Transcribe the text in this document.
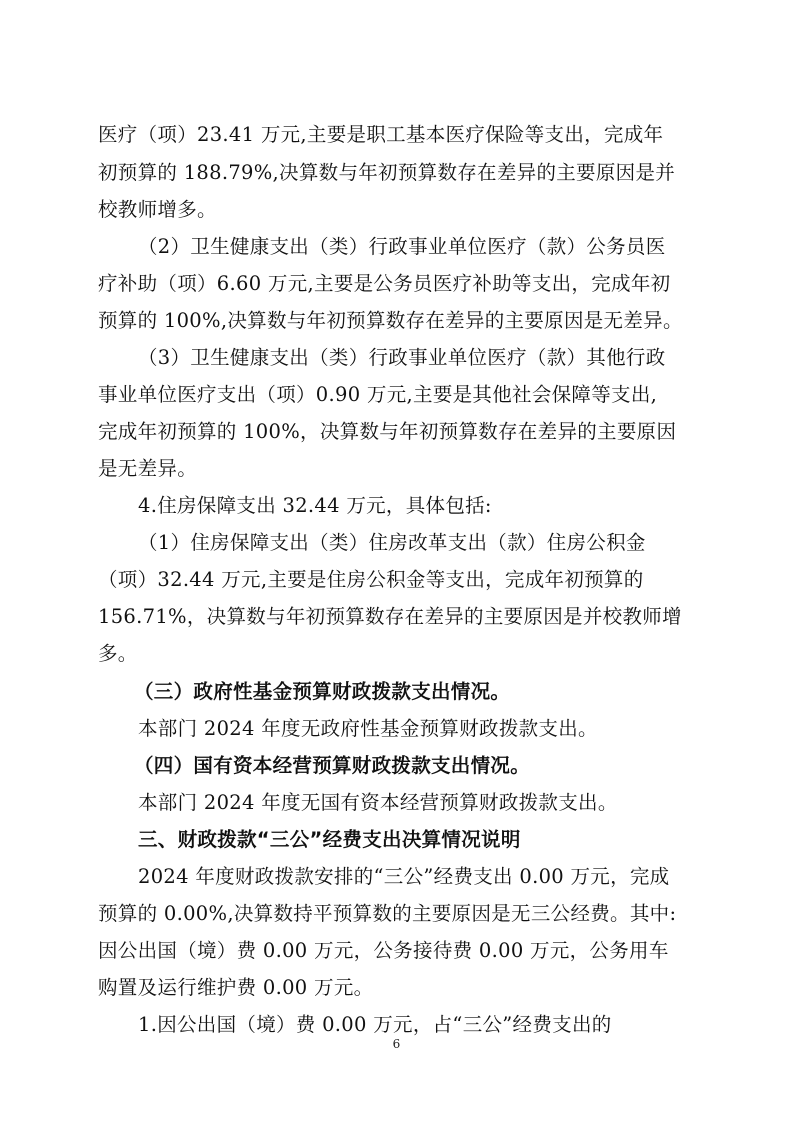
医疗（项）23.41 万元,主要是职工基本医疗保险等支出，完成年
初预算的 188.79%,决算数与年初预算数存在差异的主要原因是并
校教师增多。
（2）卫生健康支出（类）行政事业单位医疗（款）公务员医
疗补助（项）6.60 万元,主要是公务员医疗补助等支出，完成年初
预算的 100%,决算数与年初预算数存在差异的主要原因是无差异。
（3）卫生健康支出（类）行政事业单位医疗（款）其他行政
事业单位医疗支出（项）0.90 万元,主要是其他社会保障等支出,
完成年初预算的 100%，决算数与年初预算数存在差异的主要原因
是无差异。
4.住房保障支出 32.44 万元，具体包括:
（1）住房保障支出（类）住房改革支出（款）住房公积金
（项）32.44 万元,主要是住房公积金等支出，完成年初预算的
156.71%，决算数与年初预算数存在差异的主要原因是并校教师增
多。
（三）政府性基金预算财政拨款支出情况。
本部门 2024 年度无政府性基金预算财政拨款支出。
（四）国有资本经营预算财政拨款支出情况。
本部门 2024 年度无国有资本经营预算财政拨款支出。
三、财政拨款“三公”经费支出决算情况说明
2024 年度财政拨款安排的“三公”经费支出 0.00 万元，完成
预算的 0.00%,决算数持平预算数的主要原因是无三公经费。其中:
因公出国（境）费 0.00 万元，公务接待费 0.00 万元，公务用车
购置及运行维护费 0.00 万元。
1.因公出国（境）费 0.00 万元，占“三公”经费支出的
6
